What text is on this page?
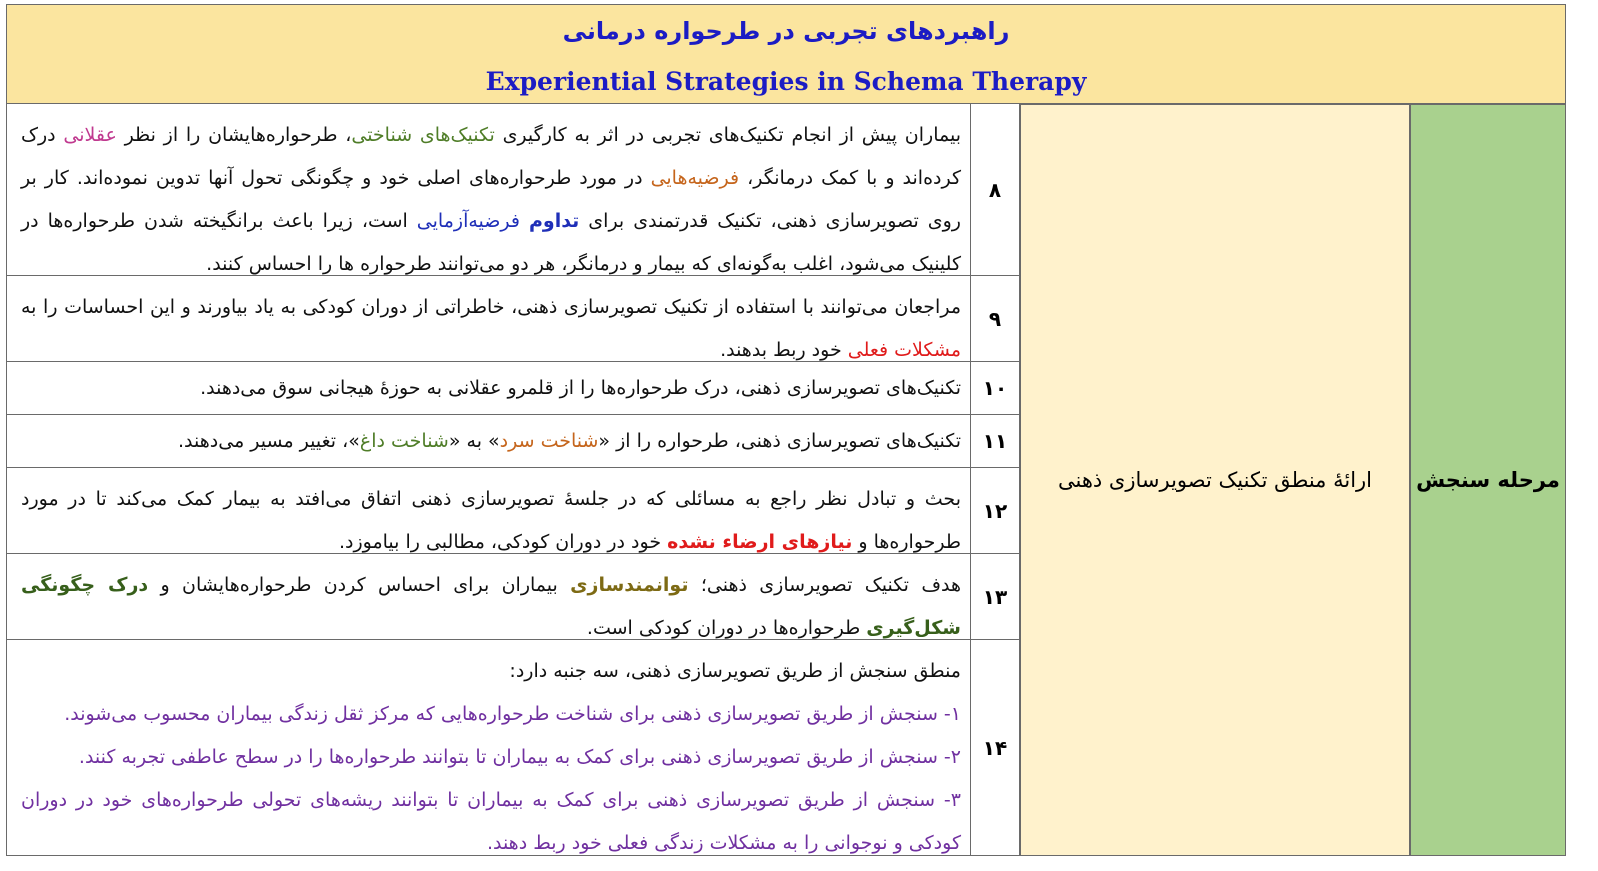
راهبردهای تجربی در طرحواره درمانی
Experiential Strategies in Schema Therapy
مرحله سنجش
ارائۀ منطق تکنیک تصویرسازی ذهنی
۸
بیماران پیش از انجام تکنیک‌های تجربی در اثر به کارگیری تکنیک‌های شناختی، طرحواره‌هایشان را از نظر عقلانی درک کرده‌اند و با کمک درمانگر، فرضیه‌هایی در مورد طرحواره‌های اصلی خود و چگونگی تحول آنها تدوین نموده‌اند. کار بر روی تصویرسازی ذهنی، تکنیک قدرتمندی برای تداوم فرضیه‌آزمایی است، زیرا باعث برانگیخته شدن طرحواره‌ها در کلینیک می‌شود، اغلب به‌گونه‌ای که بیمار و درمانگر، هر دو می‌توانند طرحواره ها را احساس کنند.
۹
مراجعان می‌توانند با استفاده از تکنیک تصویرسازی ذهنی، خاطراتی از دوران کودکی به یاد بیاورند و این احساسات را به مشکلات فعلی خود ربط بدهند.
۱۰
تکنیک‌های تصویرسازی ذهنی، درک طرحواره‌ها را از قلمرو عقلانی به حوزۀ هیجانی سوق می‌دهند.
۱۱
تکنیک‌های تصویرسازی ذهنی، طرحواره را از «شناخت سرد» به «شناخت داغ»، تغییر مسیر می‌دهند.
۱۲
بحث و تبادل نظر راجع به مسائلی که در جلسۀ تصویرسازی ذهنی اتفاق می‌افتد به بیمار کمک می‌کند تا در مورد طرحواره‌ها و نیازهای ارضاء نشده خود در دوران کودکی، مطالبی را بیاموزد.
۱۳
هدف تکنیک تصویرسازی ذهنی؛ توانمندسازی بیماران برای احساس کردن طرحواره‌هایشان و درک چگونگی شکل‌گیری طرحواره‌ها در دوران کودکی است.
۱۴

منطق سنجش از طریق تصویرسازی ذهنی، سه جنبه دارد:

۱- سنجش از طریق تصویرسازی ذهنی برای شناخت طرحواره‌هایی که مرکز ثقل زندگی بیماران محسوب می‌شوند.

۲- سنجش از طریق تصویرسازی ذهنی برای کمک به بیماران تا بتوانند طرحواره‌ها را در سطح عاطفی تجربه کنند.

۳- سنجش از طریق تصویرسازی ذهنی برای کمک به بیماران تا بتوانند ریشه‌های تحولی طرحواره‌های خود در دوران کودکی و نوجوانی را به مشکلات زندگی فعلی خود ربط دهند.
